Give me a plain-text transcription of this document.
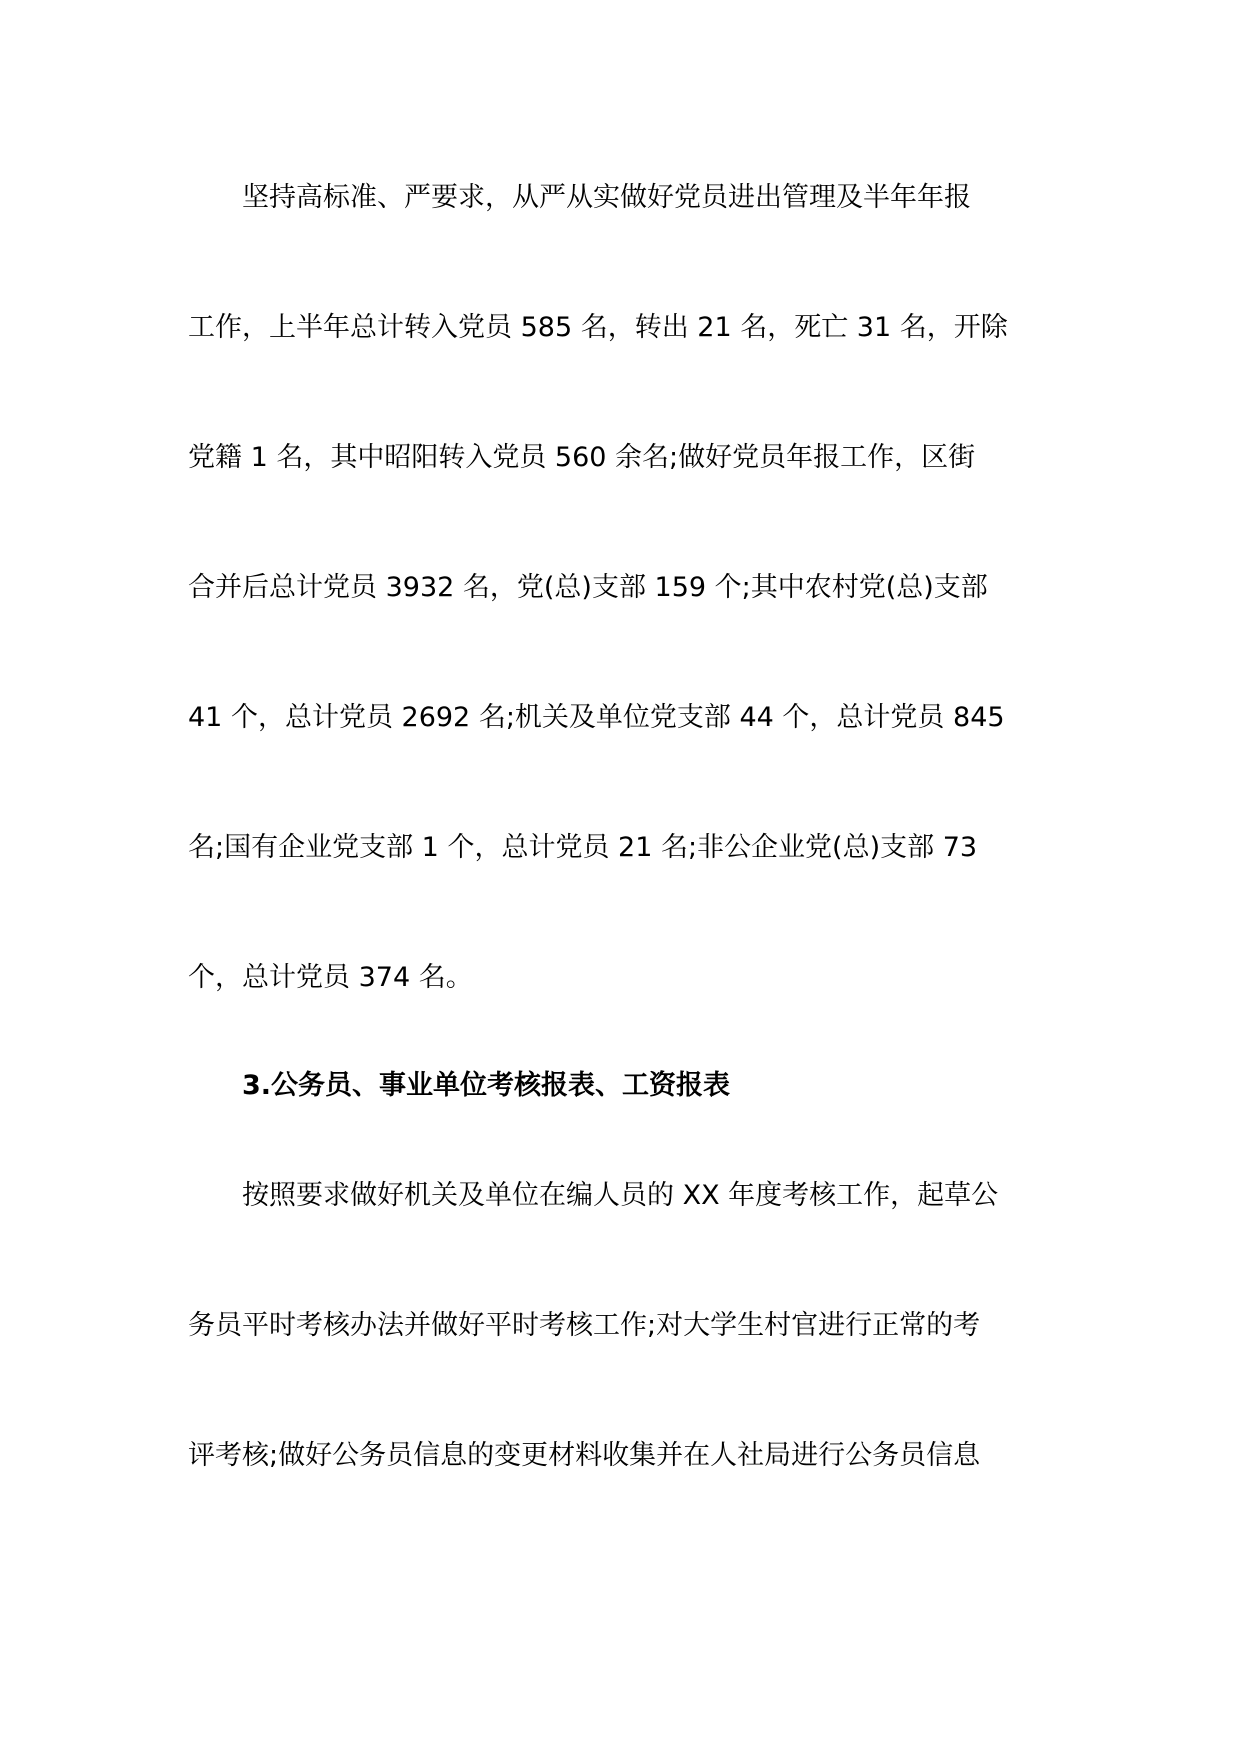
坚持高标准、严要求，从严从实做好党员进出管理及半年年报
工作，上半年总计转入党员 585 名，转出 21 名，死亡 31 名，开除
党籍 1 名，其中昭阳转入党员 560 余名;做好党员年报工作，区街
合并后总计党员 3932 名，党(总)支部 159 个;其中农村党(总)支部
41 个，总计党员 2692 名;机关及单位党支部 44 个，总计党员 845
名;国有企业党支部 1 个，总计党员 21 名;非公企业党(总)支部 73
个，总计党员 374 名。
3.公务员、事业单位考核报表、工资报表
按照要求做好机关及单位在编人员的 XX 年度考核工作，起草公
务员平时考核办法并做好平时考核工作;对大学生村官进行正常的考
评考核;做好公务员信息的变更材料收集并在人社局进行公务员信息
